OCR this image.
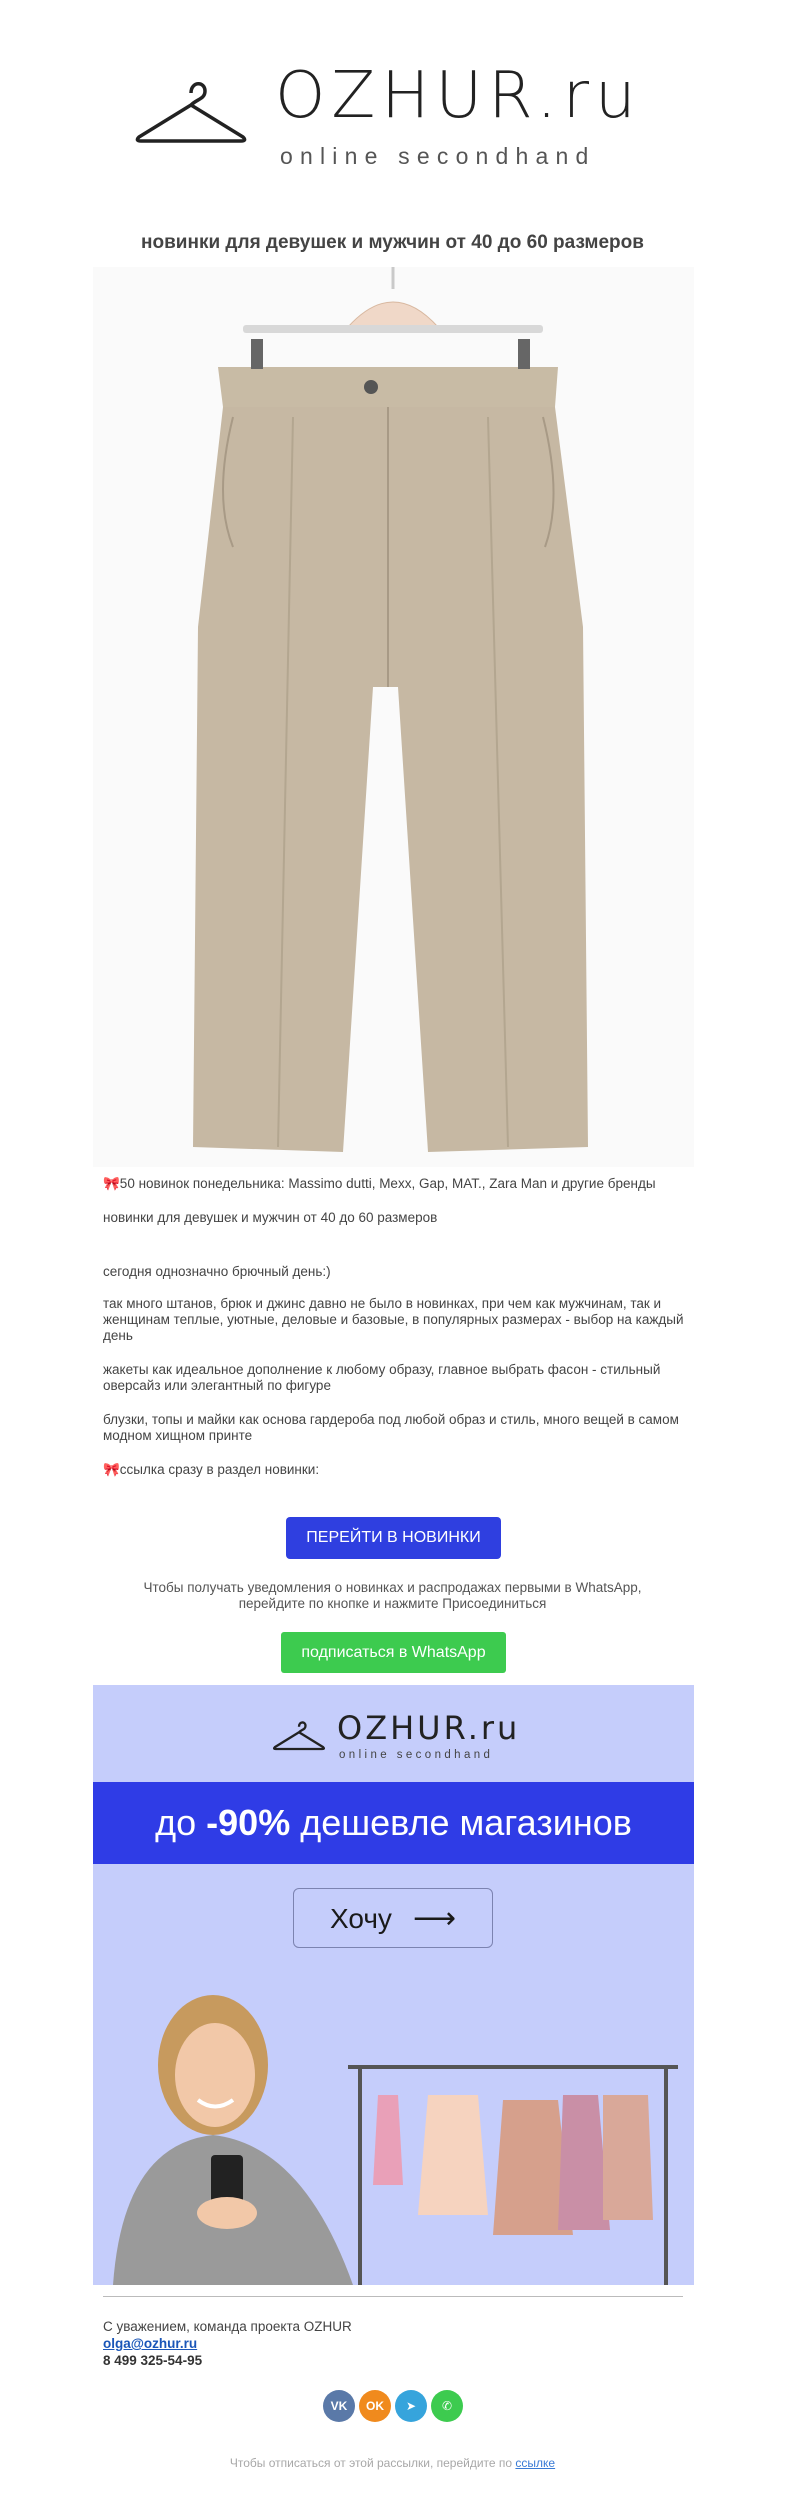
OZHUR.ru
online secondhand
новинки для девушек и мужчин от 40 до 60 размеров
🎀50 новинок понедельника: Massimo dutti, Mexx, Gap, MAT., Zara Man и другие бренды
новинки для девушек и мужчин от 40 до 60 размеров
сегодня однозначно брючный день:)
так много штанов, брюк и джинс давно не было в новинках, при чем как мужчинам, так и женщинам теплые, уютные, деловые и базовые, в популярных размерах - выбор на каждый день
жакеты как идеальное дополнение к любому образу, главное выбрать фасон - стильный оверсайз или элегантный по фигуре
блузки, топы и майки как основа гардероба под любой образ и стиль, много вещей в самом модном хищном принте
🎀ссылка сразу в раздел новинки:
ПЕРЕЙТИ В НОВИНКИ
Чтобы получать уведомления о новинках и распродажах первыми в WhatsApp, перейдите по кнопке и нажмите Присоединиться
подписаться в WhatsApp
OZHUR.ru
online secondhand
до -90% дешевле магазинов
Хочу ⟶
С уважением, команда проекта OZHUR
olga@ozhur.ru
8 499 325-54-95
VK	OK	➤	✆
Чтобы отписаться от этой рассылки, перейдите по ссылке
